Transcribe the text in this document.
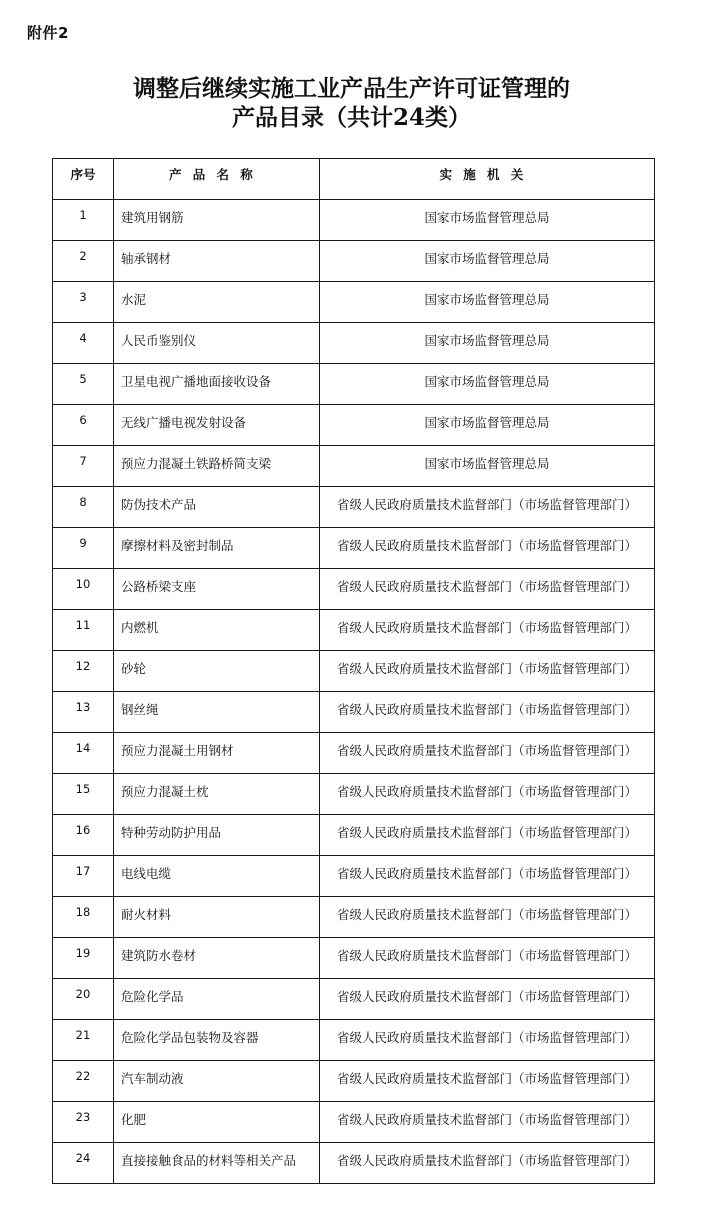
附件2
调整后继续实施工业产品生产许可证管理的
产品目录（共计24类）
序号	产品名称	实施机关
1	建筑用钢筋	国家市场监督管理总局
2	轴承钢材	国家市场监督管理总局
3	水泥	国家市场监督管理总局
4	人民币鉴别仪	国家市场监督管理总局
5	卫星电视广播地面接收设备	国家市场监督管理总局
6	无线广播电视发射设备	国家市场监督管理总局
7	预应力混凝土铁路桥简支梁	国家市场监督管理总局
8	防伪技术产品	省级人民政府质量技术监督部门（市场监督管理部门）
9	摩擦材料及密封制品	省级人民政府质量技术监督部门（市场监督管理部门）
10	公路桥梁支座	省级人民政府质量技术监督部门（市场监督管理部门）
11	内燃机	省级人民政府质量技术监督部门（市场监督管理部门）
12	砂轮	省级人民政府质量技术监督部门（市场监督管理部门）
13	钢丝绳	省级人民政府质量技术监督部门（市场监督管理部门）
14	预应力混凝土用钢材	省级人民政府质量技术监督部门（市场监督管理部门）
15	预应力混凝土枕	省级人民政府质量技术监督部门（市场监督管理部门）
16	特种劳动防护用品	省级人民政府质量技术监督部门（市场监督管理部门）
17	电线电缆	省级人民政府质量技术监督部门（市场监督管理部门）
18	耐火材料	省级人民政府质量技术监督部门（市场监督管理部门）
19	建筑防水卷材	省级人民政府质量技术监督部门（市场监督管理部门）
20	危险化学品	省级人民政府质量技术监督部门（市场监督管理部门）
21	危险化学品包装物及容器	省级人民政府质量技术监督部门（市场监督管理部门）
22	汽车制动液	省级人民政府质量技术监督部门（市场监督管理部门）
23	化肥	省级人民政府质量技术监督部门（市场监督管理部门）
24	直接接触食品的材料等相关产品	省级人民政府质量技术监督部门（市场监督管理部门）
